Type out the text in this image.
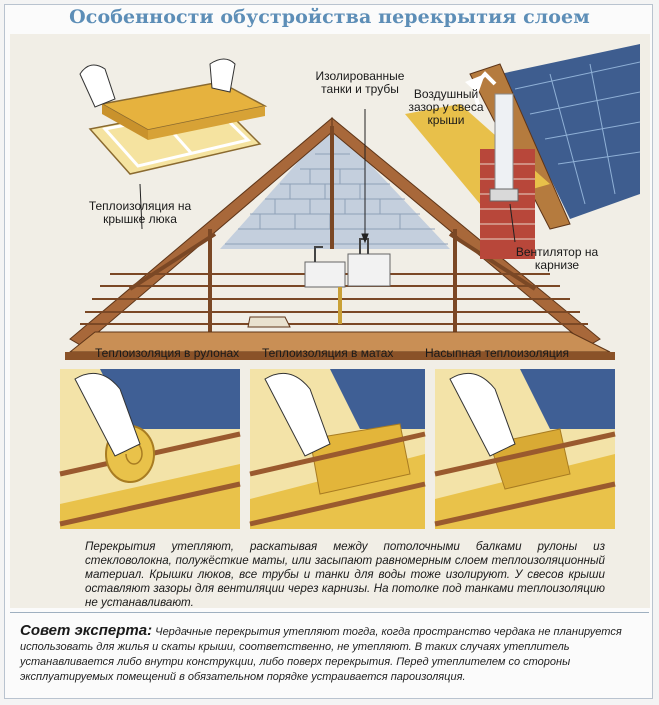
Особенности обустройства перекрытия слоем
Изолированные танки и трубы	Воздушный зазор у свеса крыши
Теплоизоляция на крышке люка
Вентилятор на карнизе
Теплоизоляция в рулонах	Теплоизоляция в матах	Насыпная теплоизоляция
Перекрытия утепляют, раскатывая между потолочными балками рулоны из стекловолокна, полужёсткие маты, или засыпают равномерным слоем теплоизоляционный материал. Крышки люков, все трубы и танки для воды тоже изолируют. У свесов крыши оставляют зазоры для вентиляции через карнизы. На потолке под танками теплоизоляцию не устанавливают.
Совет эксперта: Чердачные перекрытия утепляют тогда, когда пространство чердака не планируется использовать для жилья и скаты крыши, соответственно, не утепляют. В таких случаях утеплитель устанавливается либо внутри конструкции, либо поверх перекрытия. Перед утеплителем со стороны эксплуатируемых помещений в обязательном порядке устраивается пароизоляция.
